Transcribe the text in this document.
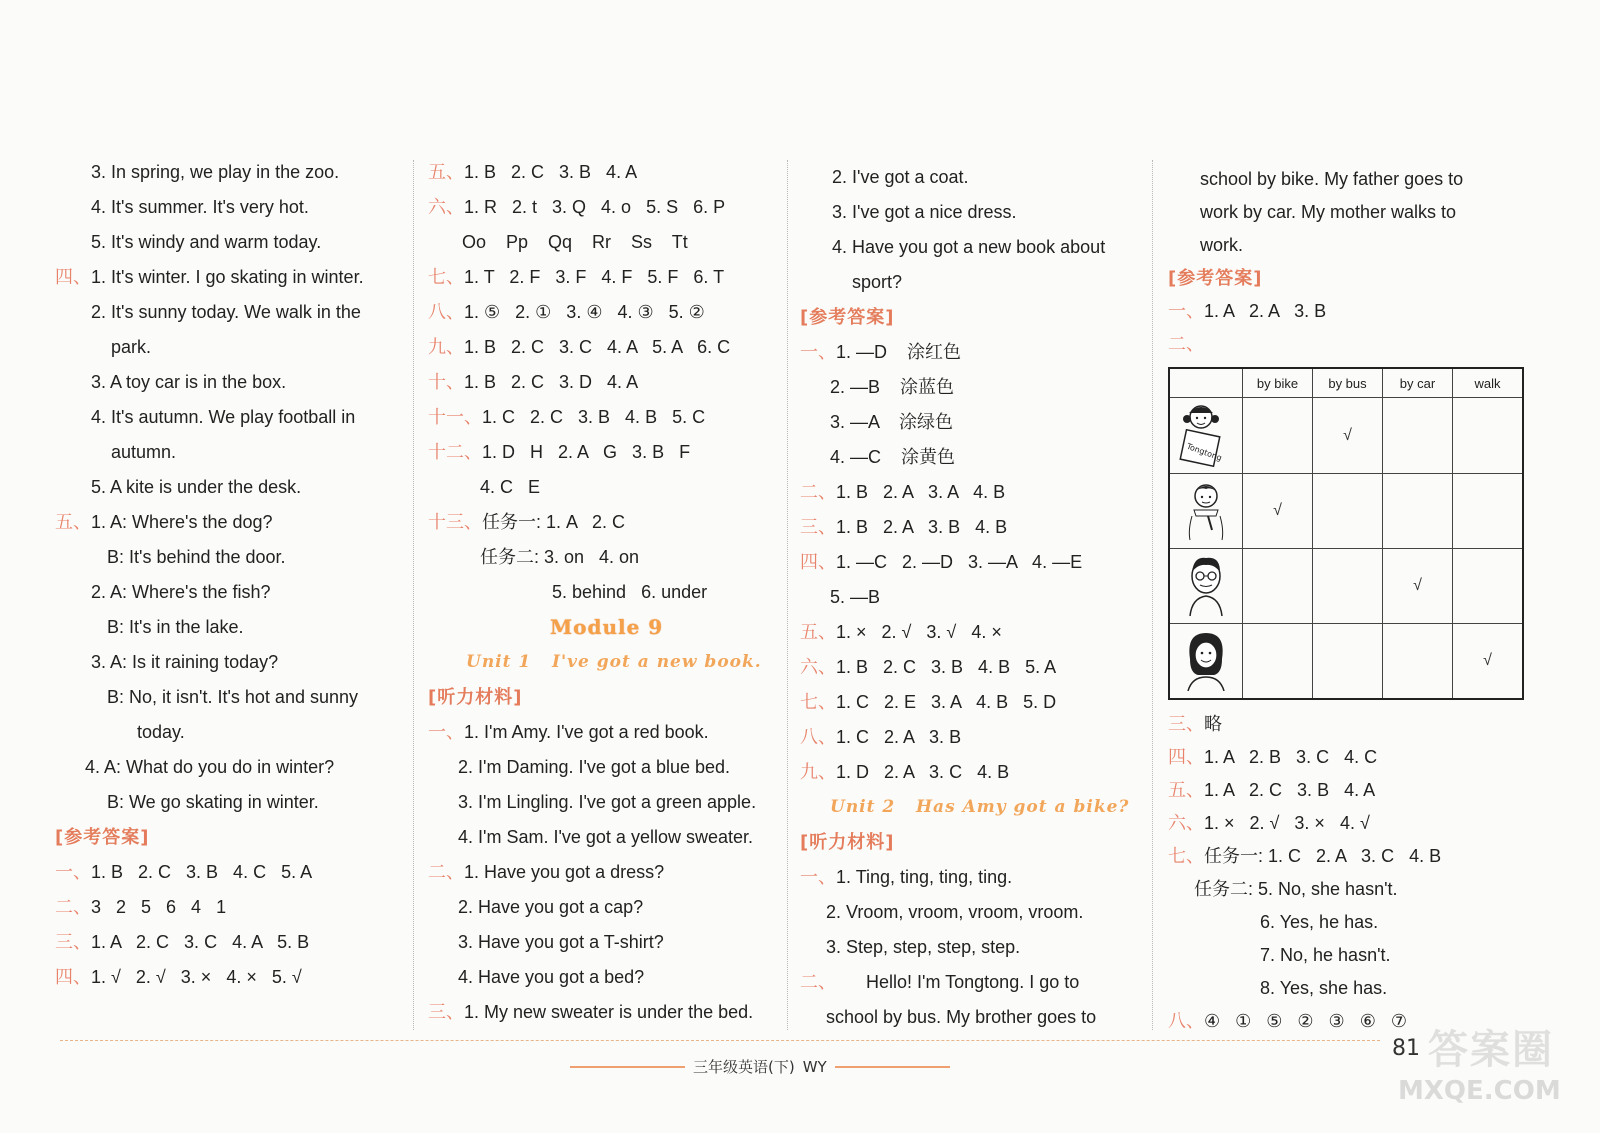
3. In spring, we play in the zoo.
4. It's summer. It's very hot.
5. It's windy and warm today.
四、 1. It's winter. I go skating in winter.
2. It's sunny today. We walk in the
park.
3. A toy car is in the box.
4. It's autumn. We play football in
autumn.
5. A kite is under the desk.
五、 1. A: Where's the dog?
B: It's behind the door.
2. A: Where's the fish?
B: It's in the lake.
3. A: Is it raining today?
B: No, it isn't. It's hot and sunny
today.
4. A: What do you do in winter?
B: We go skating in winter.
[参考答案]
一、 1. B   2. C   3. B   4. C   5. A
二、 3   2   5   6   4   1
三、 1. A   2. C   3. C   4. A   5. B
四、 1. √   2. √   3. ×   4. ×   5. √
五、 1. B   2. C   3. B   4. A
六、 1. R   2. t   3. Q   4. o   5. S   6. P
Oo    Pp    Qq    Rr    Ss    Tt
七、 1. T   2. F   3. F   4. F   5. F   6. T
八、 1. ⑤   2. ①   3. ④   4. ③   5. ②
九、 1. B   2. C   3. C   4. A   5. A   6. C
十、 1. B   2. C   3. D   4. A
十一、 1. C   2. C   3. B   4. B   5. C
十二、 1. D   H   2. A   G   3. B   F
4. C   E
十三、 任务一: 1. A   2. C
任务二: 3. on   4. on
5. behind   6. under
Module 9
Unit 1   I've got a new book.
[听力材料]
一、 1. I'm Amy. I've got a red book.
2. I'm Daming. I've got a blue bed.
3. I'm Lingling. I've got a green apple.
4. I'm Sam. I've got a yellow sweater.
二、 1. Have you got a dress?
2. Have you got a cap?
3. Have you got a T-shirt?
4. Have you got a bed?
三、 1. My new sweater is under the bed.
2. I've got a coat.
3. I've got a nice dress.
4. Have you got a new book about
sport?
[参考答案]
一、 1. —D    涂红色
2. —B    涂蓝色
3. —A    涂绿色
4. —C    涂黄色
二、 1. B   2. A   3. A   4. B
三、 1. B   2. A   3. B   4. B
四、 1. —C   2. —D   3. —A   4. —E
5. —B
五、 1. ×   2. √   3. √   4. ×
六、 1. B   2. C   3. B   4. B   5. A
七、 1. C   2. E   3. A   4. B   5. D
八、 1. C   2. A   3. B
九、 1. D   2. A   3. C   4. B
Unit 2   Has Amy got a bike?
[听力材料]
一、 1. Ting, ting, ting, ting.
2. Vroom, vroom, vroom, vroom.
3. Step, step, step, step.
二、 Hello! I'm Tongtong. I go to
school by bus. My brother goes to
school by bike. My father goes to
work by car. My mother walks to
work.
[参考答案]
一、 1. A   2. A   3. B
二、
	by bike	by bus	by car	walk

Tongtong		√		
	√			
			√	
				√
三、 略
四、 1. A   2. B   3. C   4. C
五、 1. A   2. C   3. B   4. A
六、 1. ×   2. √   3. ×   4. √
七、 任务一: 1. C   2. A   3. C   4. B
任务二: 5. No, she hasn't.
6. Yes, he has.
7. No, he hasn't.
8. Yes, she has.
八、 ④   ①   ⑤   ②   ③   ⑥   ⑦
三年级英语(下) WY
81 答案圈
MXQE.COM
